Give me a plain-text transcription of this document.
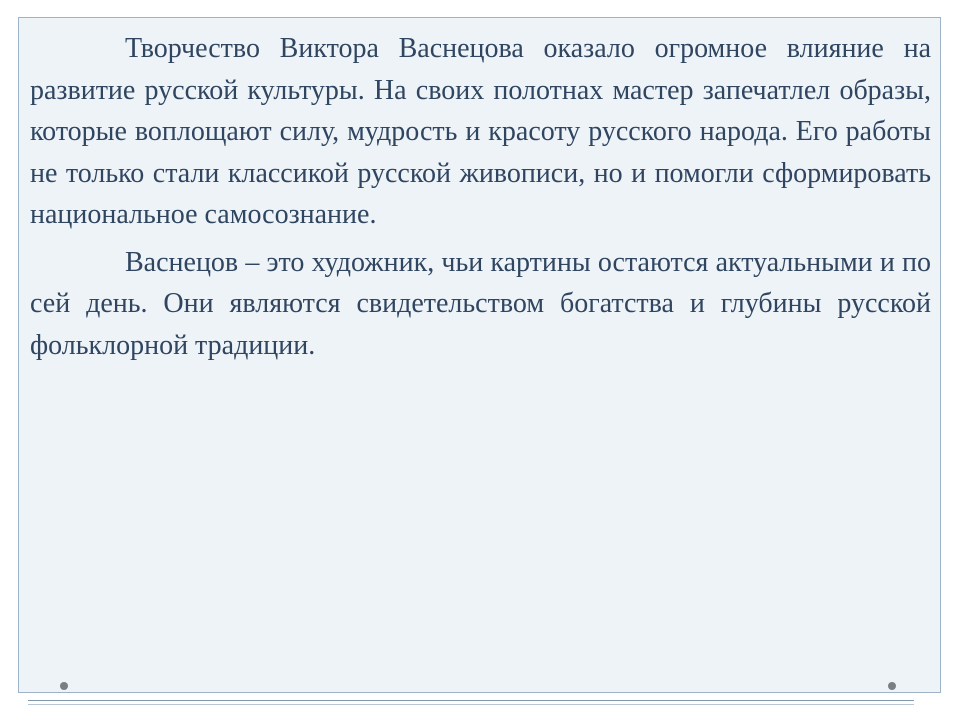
Творчество Виктора Васнецова оказало огромное влияние на развитие русской культуры. На своих полотнах мастер запечатлел образы, которые воплощают силу, мудрость и красоту русского народа. Его работы не только стали классикой русской живописи, но и помогли сформировать национальное самосознание.

Васнецов – это художник, чьи картины остаются актуальными и по сей день. Они являются свидетельством богатства и глубины русской фольклорной традиции.
